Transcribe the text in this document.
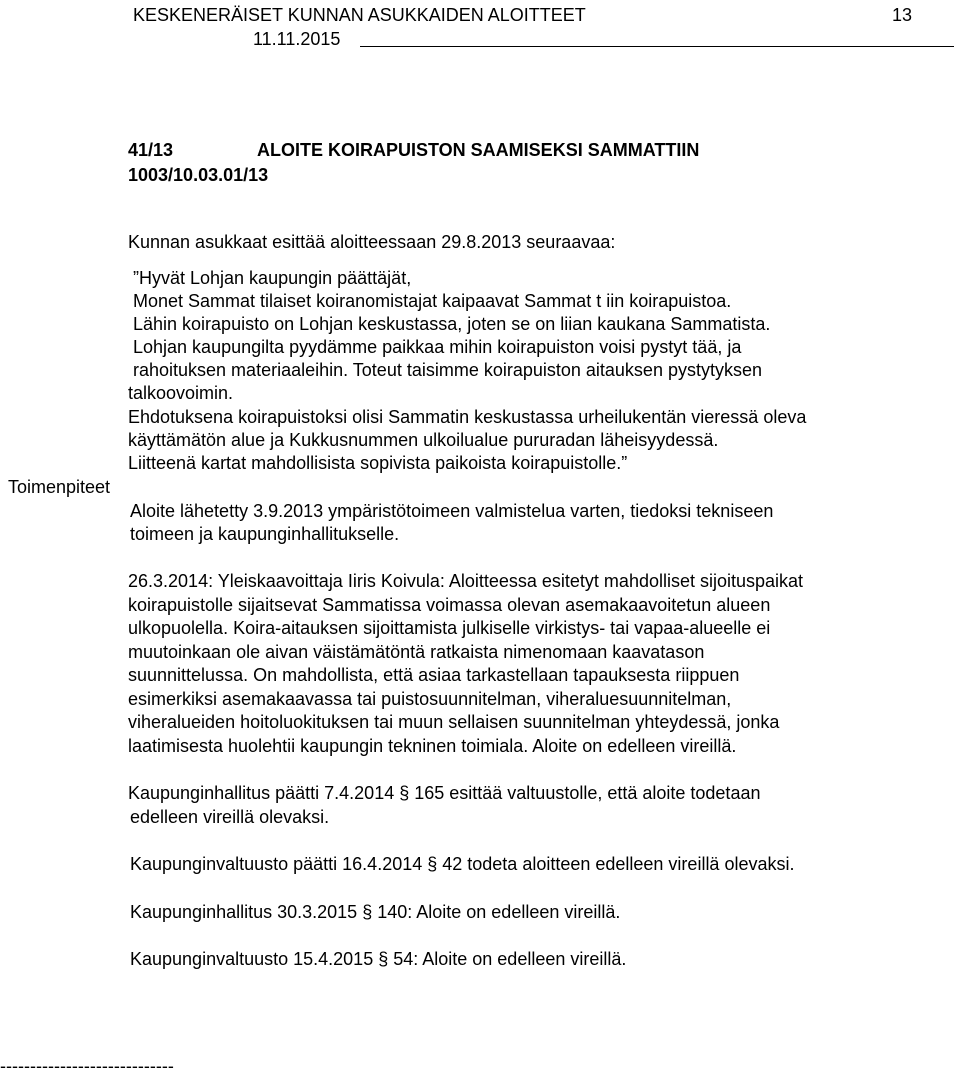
KESKENERÄISET KUNNAN ASUKKAIDEN ALOITTEET	13
11.11.2015
41/13	ALOITE KOIRAPUISTON SAAMISEKSI SAMMATTIIN
1003/10.03.01/13
Kunnan asukkaat esittää aloitteessaan 29.8.2013 seuraavaa:
”Hyvät Lohjan kaupungin päättäjät,
Monet Sammat tilaiset koiranomistajat kaipaavat Sammat t iin koirapuistoa.
Lähin koirapuisto on Lohjan keskustassa, joten se on liian kaukana Sammatista.
Lohjan kaupungilta pyydämme paikkaa mihin koirapuiston voisi pystyt tää, ja
rahoituksen materiaaleihin. Toteut taisimme koirapuiston aitauksen pystytyksen
talkoovoimin.
Ehdotuksena koirapuistoksi olisi Sammatin keskustassa urheilukentän vieressä oleva
käyttämätön alue ja Kukkusnummen ulkoilualue pururadan läheisyydessä.
Liitteenä kartat mahdollisista sopivista paikoista koirapuistolle.”
Toimenpiteet
Aloite lähetetty 3.9.2013 ympäristötoimeen valmistelua varten, tiedoksi tekniseen
toimeen ja kaupunginhallitukselle.
26.3.2014: Yleiskaavoittaja Iiris Koivula: Aloitteessa esitetyt mahdolliset sijoituspaikat
koirapuistolle sijaitsevat Sammatissa voimassa olevan asemakaavoitetun alueen
ulkopuolella. Koira-aitauksen sijoittamista julkiselle virkistys- tai vapaa-alueelle ei
muutoinkaan ole aivan väistämätöntä ratkaista nimenomaan kaavatason
suunnittelussa. On mahdollista, että asiaa tarkastellaan tapauksesta riippuen
esimerkiksi asemakaavassa tai puistosuunnitelman, viheraluesuunnitelman,
viheralueiden hoitoluokituksen tai muun sellaisen suunnitelman yhteydessä, jonka
laatimisesta huolehtii kaupungin tekninen toimiala. Aloite on edelleen vireillä.
Kaupunginhallitus päätti 7.4.2014 § 165 esittää valtuustolle, että aloite todetaan
edelleen vireillä olevaksi.
Kaupunginvaltuusto päätti 16.4.2014 § 42 todeta aloitteen edelleen vireillä olevaksi.
Kaupunginhallitus 30.3.2015 § 140: Aloite on edelleen vireillä.
Kaupunginvaltuusto 15.4.2015 § 54: Aloite on edelleen vireillä.
-----------------------------
